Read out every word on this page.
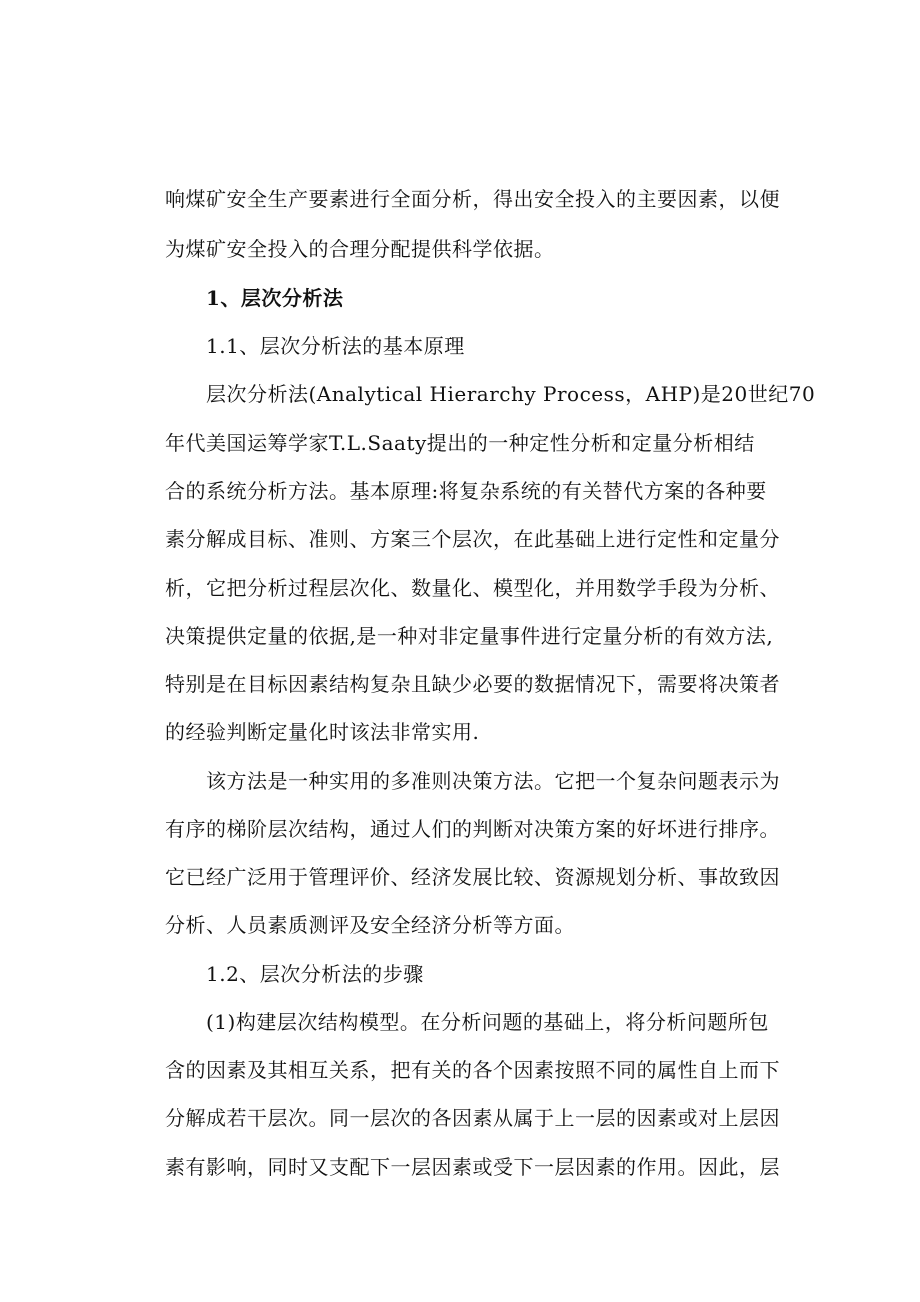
响煤矿安全生产要素进行全面分析，得出安全投入的主要因素，以便
为煤矿安全投入的合理分配提供科学依据。
1、层次分析法
1.1、层次分析法的基本原理
层次分析法(Analytical Hierarchy Process，AHP)是20世纪70
年代美国运筹学家T.L.Saaty提出的一种定性分析和定量分析相结
合的系统分析方法。基本原理:将复杂系统的有关替代方案的各种要
素分解成目标、准则、方案三个层次，在此基础上进行定性和定量分
析，它把分析过程层次化、数量化、模型化，并用数学手段为分析、
决策提供定量的依据,是一种对非定量事件进行定量分析的有效方法,
特别是在目标因素结构复杂且缺少必要的数据情况下，需要将决策者
的经验判断定量化时该法非常实用.
该方法是一种实用的多准则决策方法。它把一个复杂问题表示为
有序的梯阶层次结构，通过人们的判断对决策方案的好坏进行排序。
它已经广泛用于管理评价、经济发展比较、资源规划分析、事故致因
分析、人员素质测评及安全经济分析等方面。
1.2、层次分析法的步骤
(1)构建层次结构模型。在分析问题的基础上，将分析问题所包
含的因素及其相互关系，把有关的各个因素按照不同的属性自上而下
分解成若干层次。同一层次的各因素从属于上一层的因素或对上层因
素有影响，同时又支配下一层因素或受下一层因素的作用。因此，层
